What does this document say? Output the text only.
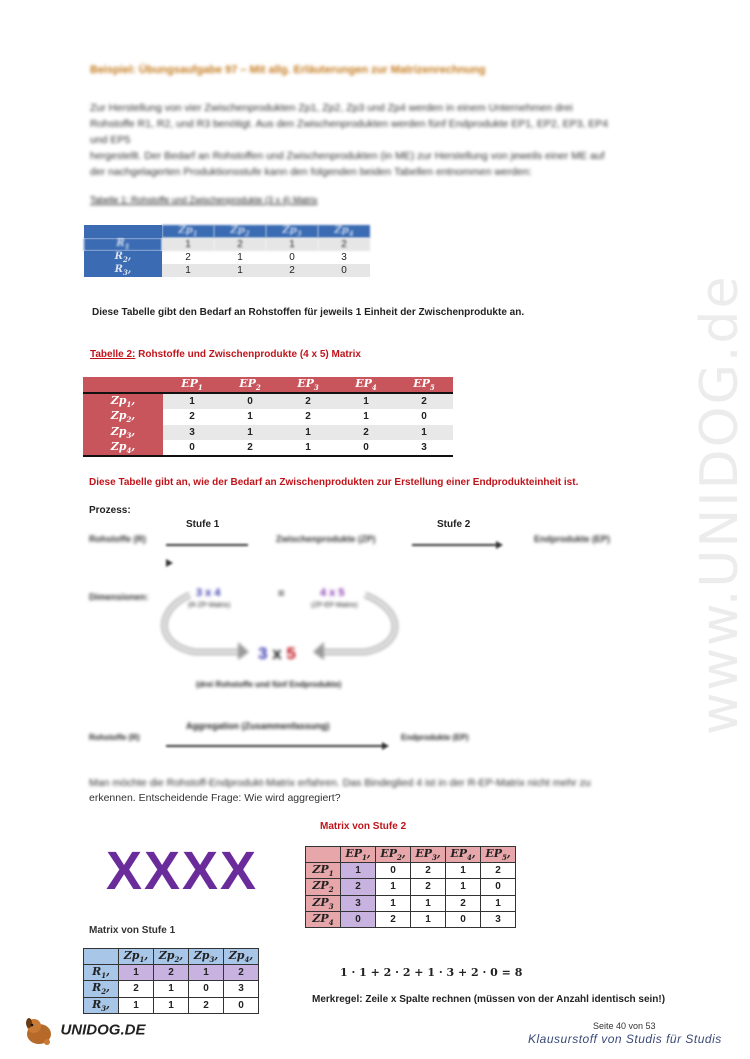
www.UNIDOG.de
Beispiel: Übungsaufgabe 97 – Mit allg. Erläuterungen zur Matrizenrechnung
Zur Herstellung von vier Zwischenprodukten Zp1, Zp2, Zp3 und Zp4 werden in einem Unternehmen drei
Rohstoffe R1, R2, und R3 benötigt. Aus den Zwischenprodukten werden fünf Endprodukte EP1, EP2, EP3, EP4
und EP5
hergestellt. Der Bedarf an Rohstoffen und Zwischenprodukten (in ME) zur Herstellung von jeweils einer ME auf
der nachgelagerten Produktionsstufe kann den folgenden beiden Tabellen entnommen werden:
Tabelle 1: Rohstoffe und Zwischenprodukte (3 x 4) Matrix
	$Zp_1$	$Zp_2$	$Zp_3$	$Zp_4$
$R_1$	1	2	1	2
$R_2$,	2	1	0	3
$R_3$,	1	1	2	0
Diese Tabelle gibt den Bedarf an Rohstoffen für jeweils 1 Einheit der Zwischenprodukte an.
Tabelle 2: Rohstoffe und Zwischenprodukte (4 x 5) Matrix
	$EP_1$	$EP_2$	$EP_3$	$EP_4$	$EP_5$
$Zp_1$,	1	0	2	1	2
$Zp_2$,	2	1	2	1	0
$Zp_3$,	3	1	1	2	1
$Zp_4$,	0	2	1	0	3
Diese Tabelle gibt an, wie der Bedarf an Zwischenprodukten zur Erstellung einer Endprodukteinheit ist.
Prozess:
Stufe 1	Stufe 2
Rohstoffe (R)	Zwischenprodukte (ZP)	Endprodukte (EP)
Dimensionen:	3 x 4
(R-ZP-Matrix)
=	4 x 5
(ZP-EP-Matrix)
3 x 5
(drei Rohstoffe und fünf Endprodukte)
Aggregation (Zusammenfassung)
Rohstoffe (R)	Endprodukte (EP)
Man möchte die Rohstoff-Endprodukt-Matrix erfahren. Das Bindeglied 4 ist in der R-EP-Matrix nicht mehr zu
erkennen. Entscheidende Frage: Wie wird aggregiert?
Matrix von Stufe 2
	$EP_1$,	$EP_2$,	$EP_3$,	$EP_4$,	$EP_5$,
$ZP_1$	1	0	2	1	2
$ZP_2$	2	1	2	1	0
$ZP_3$	3	1	1	2	1
$ZP_4$	0	2	1	0	3
XXXX
Matrix von Stufe 1
	$Zp_1$,	$Zp_2$,	$Zp_3$,	$Zp_4$,
$R_1$,	1	2	1	2
$R_2$,	2	1	0	3
$R_3$,	1	1	2	0
1 · 1 + 2 · 2 + 1 · 3 + 2 · 0 = 8
Merkregel: Zeile x Spalte rechnen (müssen von der Anzahl identisch sein!)
UNIDOG.DE	Seite 40 von 53
Klausurstoff von Studis für Studis
